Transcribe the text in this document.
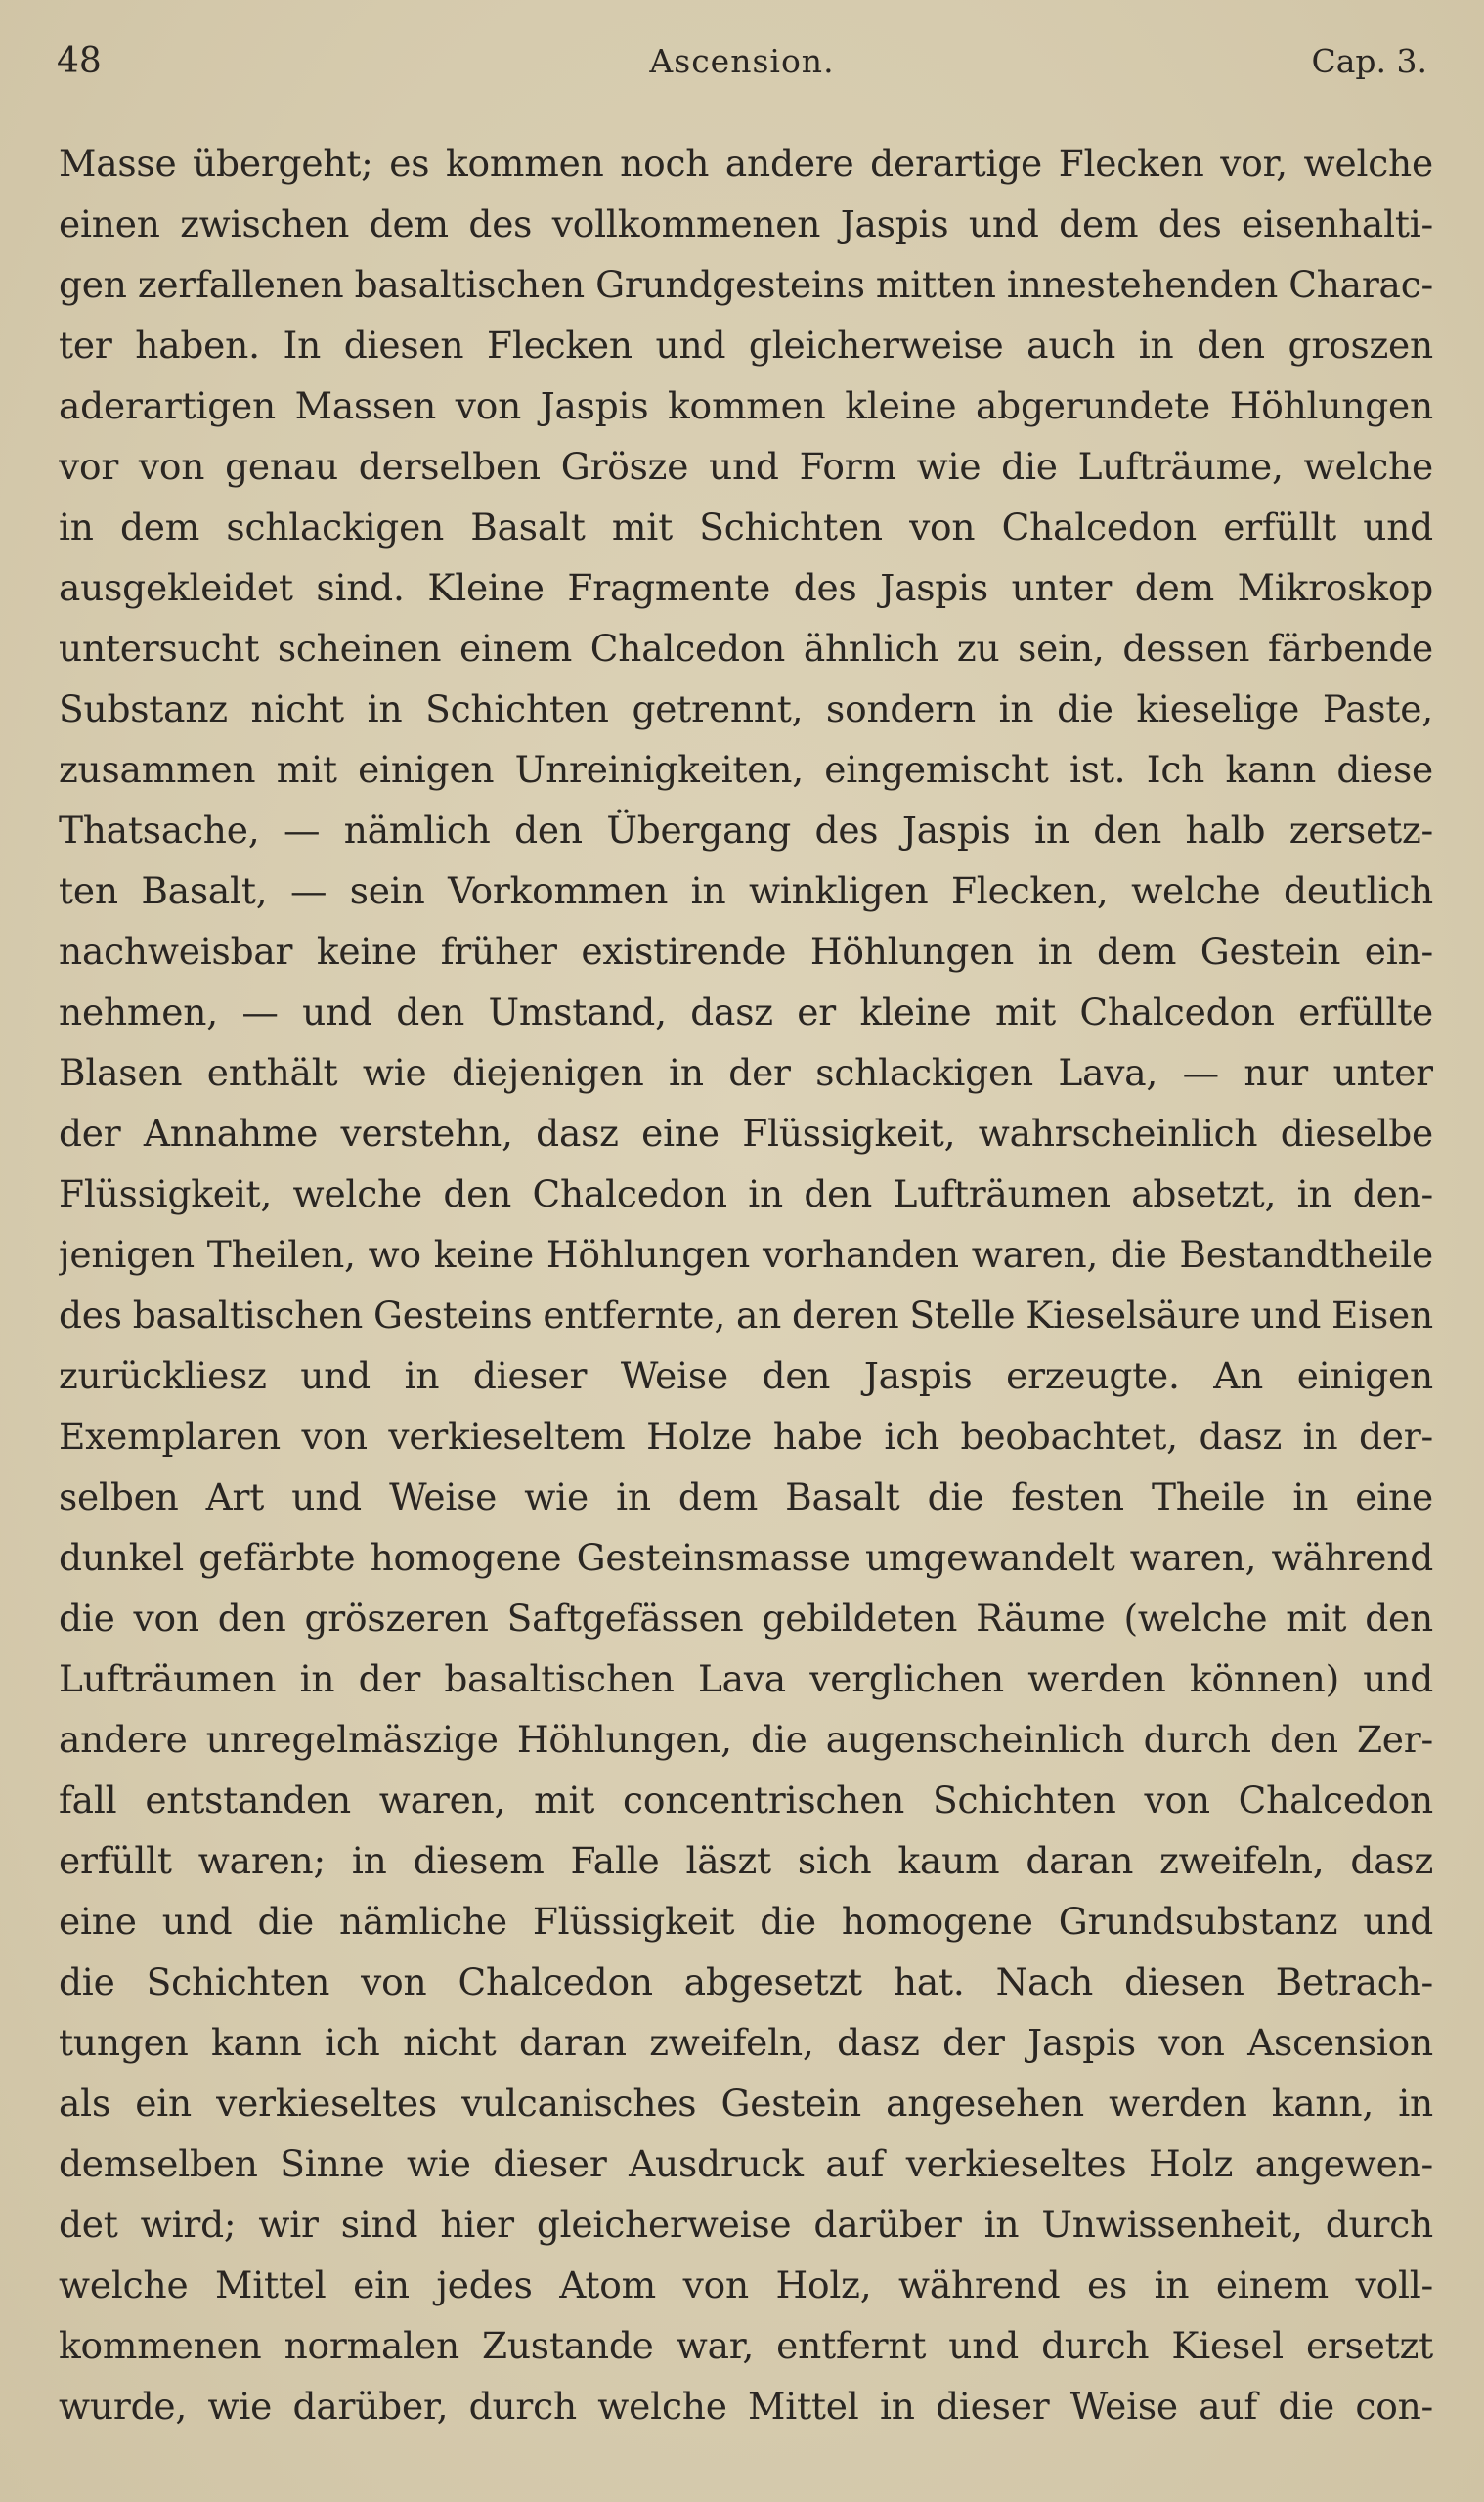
48	Ascension.	Cap. 3.
Masse übergeht; es kommen noch andere derartige Flecken vor, welche
einen zwischen dem des vollkommenen Jaspis und dem des eisenhalti-
gen zerfallenen basaltischen Grundgesteins mitten innestehenden Charac-
ter haben. In diesen Flecken und gleicherweise auch in den groszen
aderartigen Massen von Jaspis kommen kleine abgerundete Höhlungen
vor von genau derselben Grösze und Form wie die Lufträume, welche
in dem schlackigen Basalt mit Schichten von Chalcedon erfüllt und
ausgekleidet sind. Kleine Fragmente des Jaspis unter dem Mikroskop
untersucht scheinen einem Chalcedon ähnlich zu sein, dessen färbende
Substanz nicht in Schichten getrennt, sondern in die kieselige Paste,
zusammen mit einigen Unreinigkeiten, eingemischt ist. Ich kann diese
Thatsache, — nämlich den Übergang des Jaspis in den halb zersetz-
ten Basalt, — sein Vorkommen in winkligen Flecken, welche deutlich
nachweisbar keine früher existirende Höhlungen in dem Gestein ein-
nehmen, — und den Umstand, dasz er kleine mit Chalcedon erfüllte
Blasen enthält wie diejenigen in der schlackigen Lava, — nur unter
der Annahme verstehn, dasz eine Flüssigkeit, wahrscheinlich dieselbe
Flüssigkeit, welche den Chalcedon in den Lufträumen absetzt, in den-
jenigen Theilen, wo keine Höhlungen vorhanden waren, die Bestandtheile
des basaltischen Gesteins entfernte, an deren Stelle Kieselsäure und Eisen
zurückliesz und in dieser Weise den Jaspis erzeugte. An einigen
Exemplaren von verkieseltem Holze habe ich beobachtet, dasz in der-
selben Art und Weise wie in dem Basalt die festen Theile in eine
dunkel gefärbte homogene Gesteinsmasse umgewandelt waren, während
die von den gröszeren Saftgefässen gebildeten Räume (welche mit den
Lufträumen in der basaltischen Lava verglichen werden können) und
andere unregelmäszige Höhlungen, die augenscheinlich durch den Zer-
fall entstanden waren, mit concentrischen Schichten von Chalcedon
erfüllt waren; in diesem Falle läszt sich kaum daran zweifeln, dasz
eine und die nämliche Flüssigkeit die homogene Grundsubstanz und
die Schichten von Chalcedon abgesetzt hat. Nach diesen Betrach-
tungen kann ich nicht daran zweifeln, dasz der Jaspis von Ascension
als ein verkieseltes vulcanisches Gestein angesehen werden kann, in
demselben Sinne wie dieser Ausdruck auf verkieseltes Holz angewen-
det wird; wir sind hier gleicherweise darüber in Unwissenheit, durch
welche Mittel ein jedes Atom von Holz, während es in einem voll-
kommenen normalen Zustande war, entfernt und durch Kiesel ersetzt
wurde, wie darüber, durch welche Mittel in dieser Weise auf die con-
